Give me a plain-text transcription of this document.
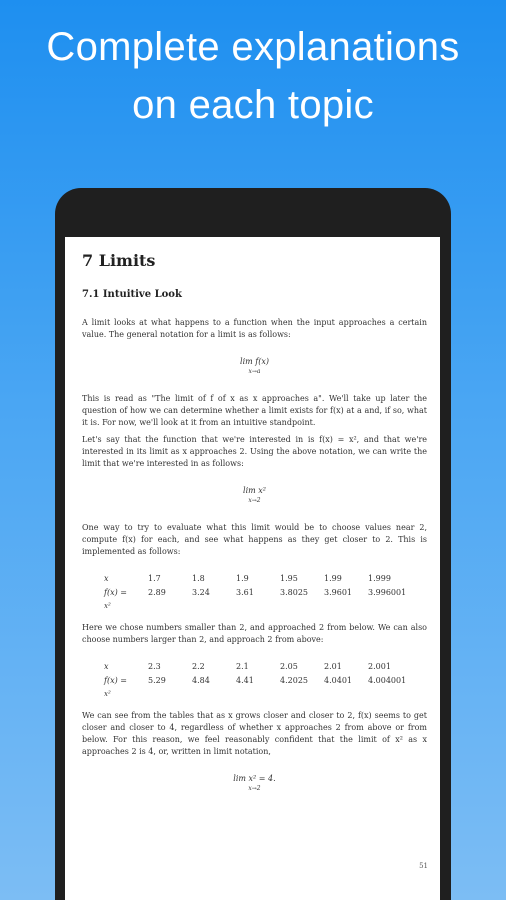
Complete explanations
on each topic
7 Limits
7.1 Intuitive Look

A limit looks at what happens to a function when the input approaches a certain value. The general notation for a limit is as follows:

lim f(x)
x→a

This is read as "The limit of f of x as x approaches a". We'll take up later the question of how we can determine whether a limit exists for f(x) at a and, if so, what it is. For now, we'll look at it from an intuitive standpoint.

Let's say that the function that we're interested in is f(x) = x², and that we're interested in its limit as x approaches 2. Using the above notation, we can write the limit that we're interested in as follows:

lim x²
x→2

One way to try to evaluate what this limit would be to choose values near 2, compute f(x) for each, and see what happens as they get closer to 2. This is implemented as follows:

x	1.7	1.8	1.9	1.95	1.99	1.999
f(x) =	2.89	3.24	3.61	3.8025	3.9601	3.996001
x²

Here we chose numbers smaller than 2, and approached 2 from below. We can also choose numbers larger than 2, and approach 2 from above:

x	2.3	2.2	2.1	2.05	2.01	2.001
f(x) =	5.29	4.84	4.41	4.2025	4.0401	4.004001
x²

We can see from the tables that as x grows closer and closer to 2, f(x) seems to get closer and closer to 4, regardless of whether x approaches 2 from above or from below. For this reason, we feel reasonably confident that the limit of x² as x approaches 2 is 4, or, written in limit notation,

lim x² = 4.
x→2
51
